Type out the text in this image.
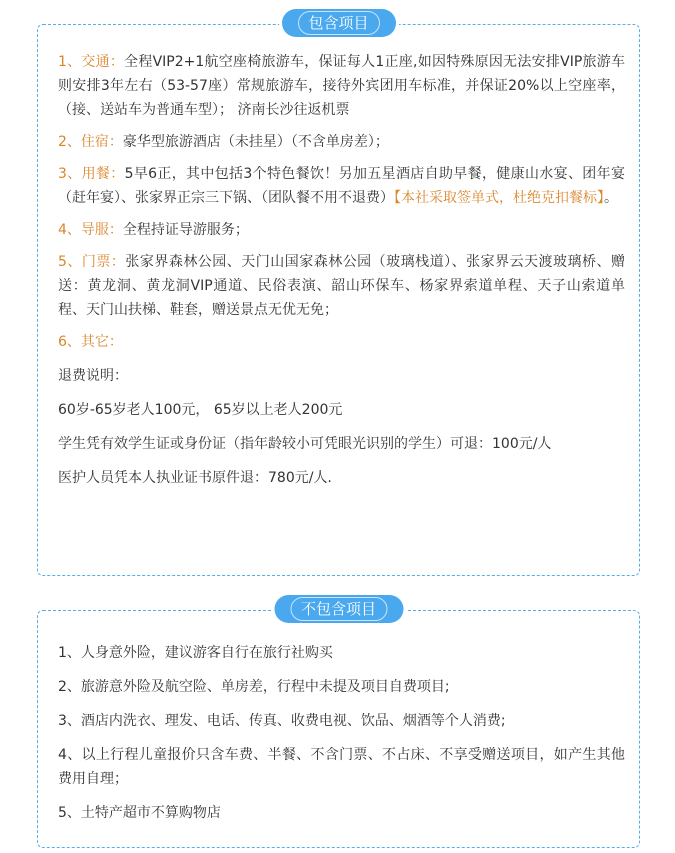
包含项目

1、交通：全程VIP2+1航空座椅旅游车，保证每人1正座,如因特殊原因无法安排VIP旅游车则安排3年左右（53-57座）常规旅游车，接待外宾团用车标准，并保证20%以上空座率，（接、送站车为普通车型）； 济南长沙往返机票

2、住宿：豪华型旅游酒店（未挂星）（不含单房差）；

3、用餐：5早6正，其中包括3个特色餐饮！另加五星酒店自助早餐，健康山水宴、团年宴（赶年宴）、张家界正宗三下锅、（团队餐不用不退费）【本社采取签单式，杜绝克扣餐标】。

4、导服：全程持证导游服务；

5、门票：张家界森林公园、天门山国家森林公园（玻璃栈道）、张家界云天渡玻璃桥、赠送：黄龙洞、黄龙洞VIP通道、民俗表演、韶山环保车、杨家界索道单程、天子山索道单程、天门山扶梯、鞋套，赠送景点无优无免；

6、其它：

退费说明：

60岁-65岁老人100元， 65岁以上老人200元

学生凭有效学生证或身份证（指年龄较小可凭眼光识别的学生）可退：100元/人

医护人员凭本人执业证书原件退：780元/人.

不包含项目

1、人身意外险，建议游客自行在旅行社购买

2、旅游意外险及航空险、单房差，行程中未提及项目自费项目;

3、酒店内洗衣、理发、电话、传真、收费电视、饮品、烟酒等个人消费;

4、以上行程儿童报价只含车费、半餐、不含门票、不占床、不享受赠送项目，如产生其他费用自理；

5、土特产超市不算购物店
